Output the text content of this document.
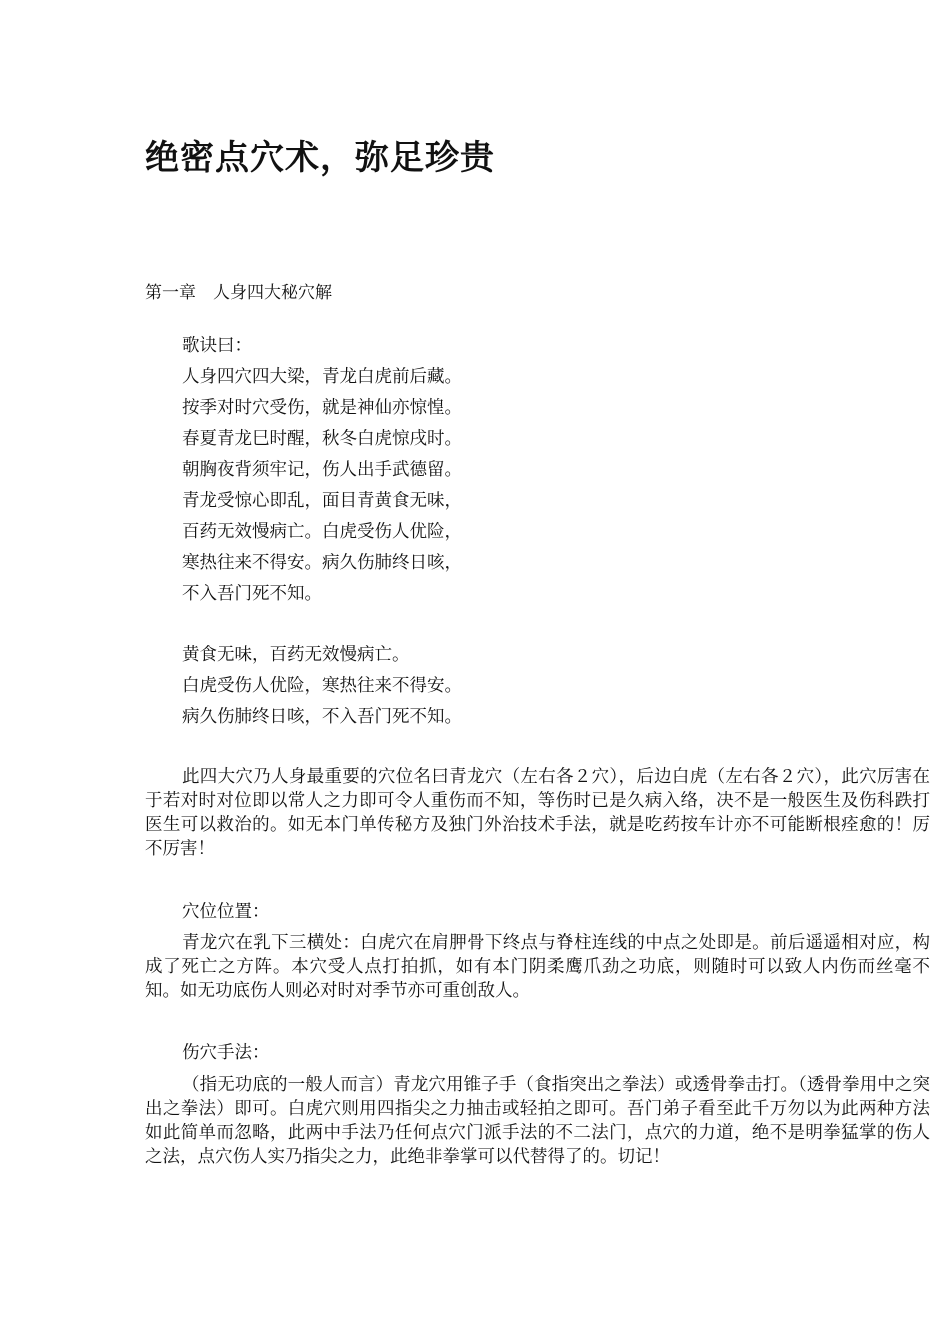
绝密点穴术，弥足珍贵
第一章　人身四大秘穴解
歌诀曰：
人身四穴四大梁，青龙白虎前后藏。
按季对时穴受伤，就是神仙亦惊惶。
春夏青龙巳时醒，秋冬白虎惊戌时。
朝胸夜背须牢记，伤人出手武德留。
青龙受惊心即乱，面目青黄食无味，
百药无效慢病亡。白虎受伤人优险，
寒热往来不得安。病久伤肺终日咳，
不入吾门死不知。
黄食无味，百药无效慢病亡。
白虎受伤人优险，寒热往来不得安。
病久伤肺终日咳，不入吾门死不知。

此四大穴乃人身最重要的穴位名曰青龙穴（左右各２穴），后边白虎（左右各２穴），此穴厉害在于若对时对位即以常人之力即可令人重伤而不知，等伤时已是久病入络，决不是一般医生及伤科跌打医生可以救治的。如无本门单传秘方及独门外治技术手法，就是吃药按车计亦不可能断根痊愈的！厉不厉害！

穴位位置：

青龙穴在乳下三横处：白虎穴在肩胛骨下终点与脊柱连线的中点之处即是。前后遥遥相对应，构成了死亡之方阵。本穴受人点打拍抓，如有本门阴柔鹰爪劲之功底，则随时可以致人内伤而丝毫不知。如无功底伤人则必对时对季节亦可重创敌人。

伤穴手法：

（指无功底的一般人而言）青龙穴用锥子手（食指突出之拳法）或透骨拳击打。（透骨拳用中之突出之拳法）即可。白虎穴则用四指尖之力抽击或轻拍之即可。吾门弟子看至此千万勿以为此两种方法如此简单而忽略，此两中手法乃任何点穴门派手法的不二法门，点穴的力道，绝不是明拳猛掌的伤人之法，点穴伤人实乃指尖之力，此绝非拳掌可以代替得了的。切记！
